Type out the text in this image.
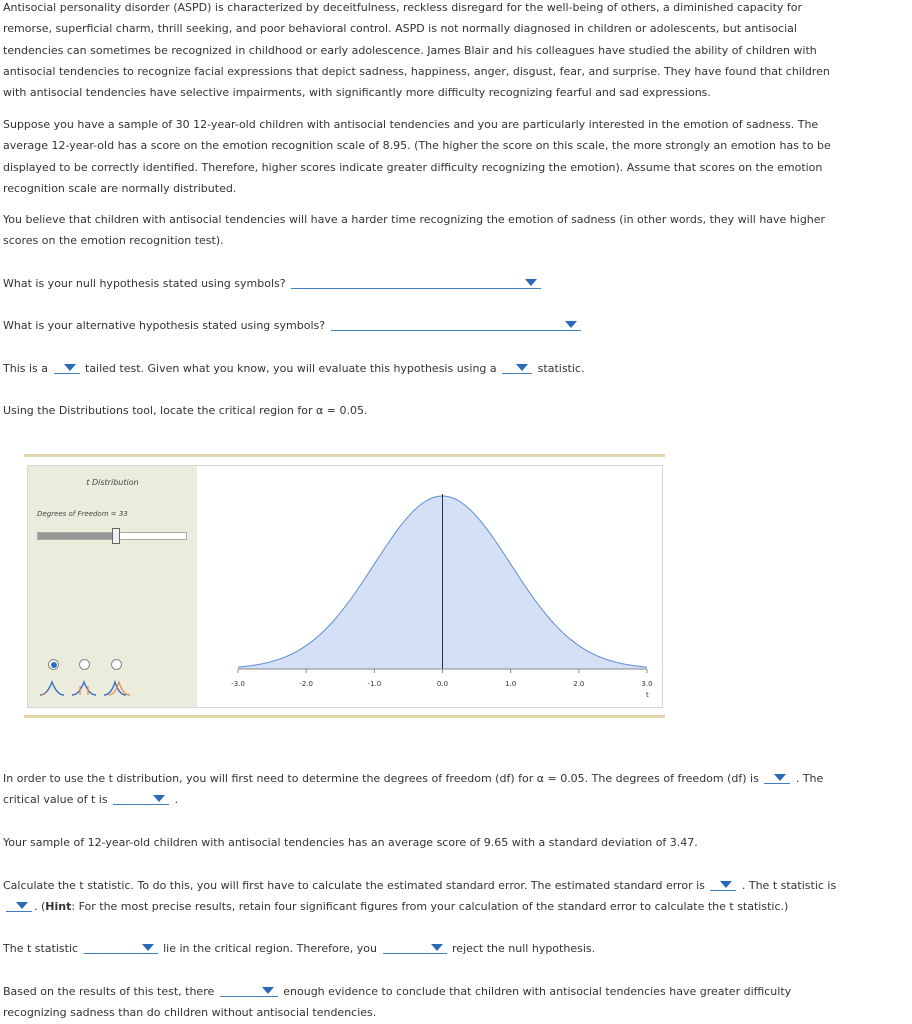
Antisocial personality disorder (ASPD) is characterized by deceitfulness, reckless disregard for the well-being of others, a diminished capacity for
remorse, superficial charm, thrill seeking, and poor behavioral control. ASPD is not normally diagnosed in children or adolescents, but antisocial
tendencies can sometimes be recognized in childhood or early adolescence. James Blair and his colleagues have studied the ability of children with
antisocial tendencies to recognize facial expressions that depict sadness, happiness, anger, disgust, fear, and surprise. They have found that children
with antisocial tendencies have selective impairments, with significantly more difficulty recognizing fearful and sad expressions.
Suppose you have a sample of 30 12-year-old children with antisocial tendencies and you are particularly interested in the emotion of sadness. The
average 12-year-old has a score on the emotion recognition scale of 8.95. (The higher the score on this scale, the more strongly an emotion has to be
displayed to be correctly identified. Therefore, higher scores indicate greater difficulty recognizing the emotion). Assume that scores on the emotion
recognition scale are normally distributed.
You believe that children with antisocial tendencies will have a harder time recognizing the emotion of sadness (in other words, they will have higher
scores on the emotion recognition test).
What is your null hypothesis stated using symbols?
What is your alternative hypothesis stated using symbols?
This is a	tailed test. Given what you know, you will evaluate this hypothesis using a	statistic.
Using the Distributions tool, locate the critical region for α = 0.05.
t Distribution
Degrees of Freedom = 33
-3.0	-2.0	-1.0	0.0	1.0	2.0	3.0
t
In order to use the t distribution, you will first need to determine the degrees of freedom (df) for α = 0.05. The degrees of freedom (df) is	. The
critical value of t is	.
Your sample of 12-year-old children with antisocial tendencies has an average score of 9.65 with a standard deviation of 3.47.
Calculate the t statistic. To do this, you will first have to calculate the estimated standard error. The estimated standard error is	. The t statistic is
. (Hint: For the most precise results, retain four significant figures from your calculation of the standard error to calculate the t statistic.)
The t statistic	lie in the critical region. Therefore, you	reject the null hypothesis.
Based on the results of this test, there	enough evidence to conclude that children with antisocial tendencies have greater difficulty
recognizing sadness than do children without antisocial tendencies.
